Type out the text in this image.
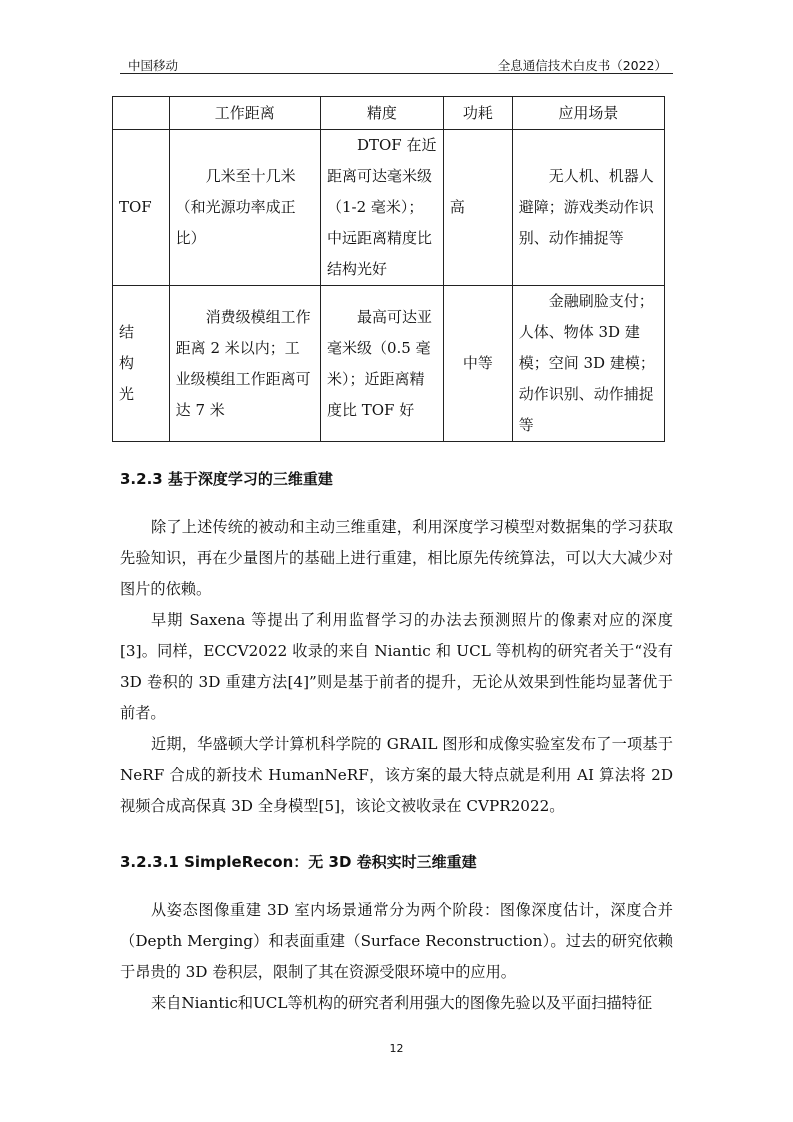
中国移动	全息通信技术白皮书（2022）
	工作距离	精度	功耗	应用场景
TOF	几米至十几米（和光源功率成正比）	DTOF 在近距离可达毫米级（1-2 毫米）；中远距离精度比结构光好	高	无人机、机器人避障；游戏类动作识别、动作捕捉等
结构光	消费级模组工作距离 2 米以内；工业级模组工作距离可达 7 米	最高可达亚毫米级（0.5 毫米）；近距离精度比 TOF 好	中等	金融刷脸支付；人体、物体 3D 建模；空间 3D 建模；动作识别、动作捕捉等
3.2.3 基于深度学习的三维重建

除了上述传统的被动和主动三维重建，利用深度学习模型对数据集的学习获取先验知识，再在少量图片的基础上进行重建，相比原先传统算法，可以大大减少对图片的依赖。

早期 Saxena 等提出了利用监督学习的办法去预测照片的像素对应的深度[3]。同样，ECCV2022 收录的来自 Niantic 和 UCL 等机构的研究者关于“没有 3D 卷积的 3D 重建方法[4]”则是基于前者的提升，无论从效果到性能均显著优于前者。

近期，华盛顿大学计算机科学院的 GRAIL 图形和成像实验室发布了一项基于 NeRF 合成的新技术 HumanNeRF，该方案的最大特点就是利用 AI 算法将 2D 视频合成高保真 3D 全身模型[5]，该论文被收录在 CVPR2022。

3.2.3.1 SimpleRecon：无 3D 卷积实时三维重建

从姿态图像重建 3D 室内场景通常分为两个阶段：图像深度估计，深度合并（Depth Merging）和表面重建（Surface Reconstruction）。过去的研究依赖于昂贵的 3D 卷积层，限制了其在资源受限环境中的应用。

来自Niantic和UCL等机构的研究者利用强大的图像先验以及平面扫描特征

12
